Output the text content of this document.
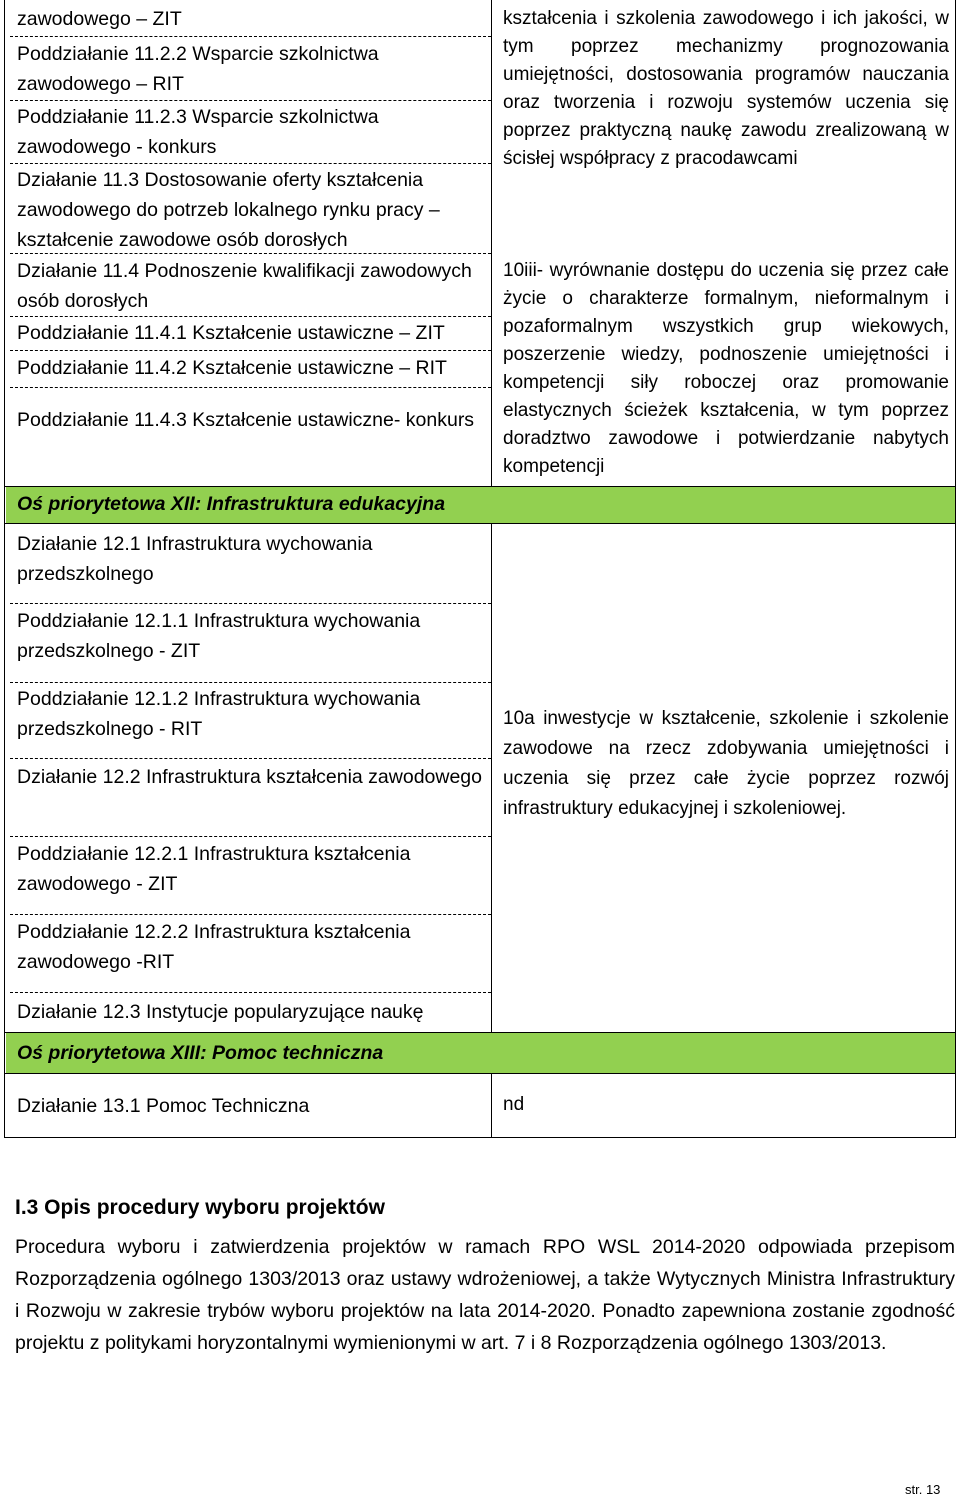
zawodowego – ZIT
Poddziałanie 11.2.2 Wsparcie szkolnictwa zawodowego – RIT
Poddziałanie 11.2.3 Wsparcie szkolnictwa zawodowego - konkurs
Działanie 11.3 Dostosowanie oferty kształcenia zawodowego do potrzeb lokalnego rynku pracy – kształcenie zawodowe osób dorosłych
Działanie 11.4 Podnoszenie kwalifikacji zawodowych osób dorosłych
Poddziałanie 11.4.1 Kształcenie ustawiczne – ZIT
Poddziałanie 11.4.2 Kształcenie ustawiczne – RIT
Poddziałanie 11.4.3 Kształcenie ustawiczne- konkurs
Oś priorytetowa XII: Infrastruktura edukacyjna
Działanie 12.1 Infrastruktura wychowania przedszkolnego
Poddziałanie 12.1.1 Infrastruktura wychowania przedszkolnego - ZIT
Poddziałanie 12.1.2 Infrastruktura wychowania przedszkolnego - RIT
Działanie 12.2 Infrastruktura kształcenia zawodowego
Poddziałanie 12.2.1 Infrastruktura kształcenia zawodowego - ZIT
Poddziałanie 12.2.2 Infrastruktura kształcenia zawodowego -RIT
Działanie 12.3 Instytucje popularyzujące naukę
Oś priorytetowa XIII: Pomoc techniczna
Działanie 13.1 Pomoc Techniczna
kształcenia i szkolenia zawodowego i ich jakości, w tym poprzez mechanizmy prognozowania umiejętności, dostosowania programów nauczania oraz tworzenia i rozwoju systemów uczenia się poprzez praktyczną naukę zawodu zrealizowaną w ścisłej współpracy z pracodawcami
10iii- wyrównanie dostępu do uczenia się przez całe życie o charakterze formalnym, nieformalnym i pozaformalnym wszystkich grup wiekowych, poszerzenie wiedzy, podnoszenie umiejętności i kompetencji siły roboczej oraz promowanie elastycznych ścieżek kształcenia, w tym poprzez doradztwo zawodowe i potwierdzanie nabytych kompetencji
10a inwestycje w kształcenie, szkolenie i szkolenie zawodowe na rzecz zdobywania umiejętności i uczenia się przez całe życie poprzez rozwój infrastruktury edukacyjnej i szkoleniowej.
nd
I.3 Opis procedury wyboru projektów
Procedura wyboru i zatwierdzenia projektów w ramach RPO WSL 2014-2020 odpowiada przepisom Rozporządzenia ogólnego 1303/2013 oraz ustawy wdrożeniowej, a także Wytycznych Ministra Infrastruktury i Rozwoju w zakresie trybów wyboru projektów na lata 2014-2020. Ponadto zapewniona zostanie zgodność projektu z politykami horyzontalnymi wymienionymi w art. 7 i 8 Rozporządzenia ogólnego 1303/2013.
str. 13
